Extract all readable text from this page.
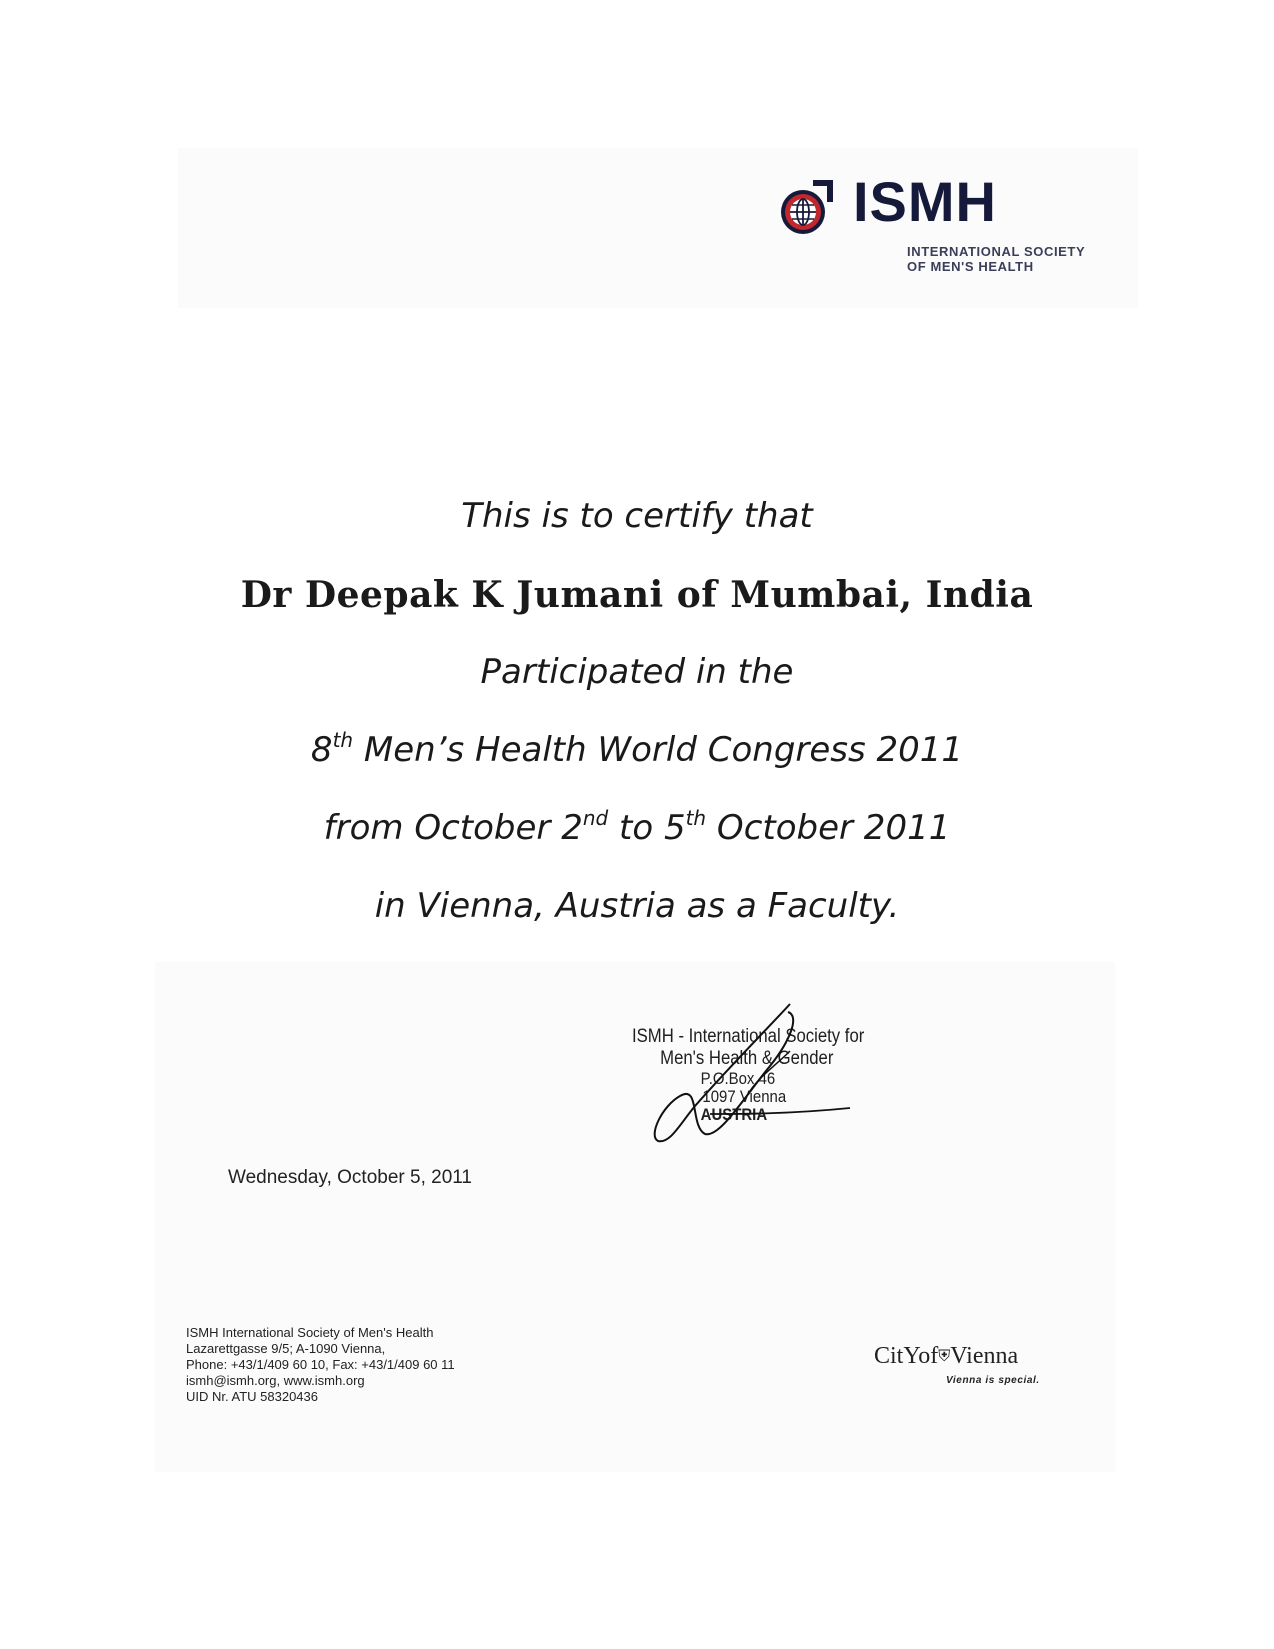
ISMH
INTERNATIONAL SOCIETY
OF MEN'S HEALTH
This is to certify that
Dr Deepak K Jumani of Mumbai, India
Participated in the
8th Men’s Health World Congress 2011
from October 2nd to 5th October 2011
in Vienna, Austria as a Faculty.
ISMH - International Society for
Men's Health & Gender
P.O.Box 46
1097 Vienna
AUSTRIA
Wednesday, October 5, 2011
ISMH International Society of Men's Health
Lazarettgasse 9/5; A-1090 Vienna,
Phone: +43/1/409 60 10, Fax: +43/1/409 60 11
ismh@ismh.org, www.ismh.org
UID Nr. ATU 58320436
CitYof⛨Vienna
Vienna is special.
